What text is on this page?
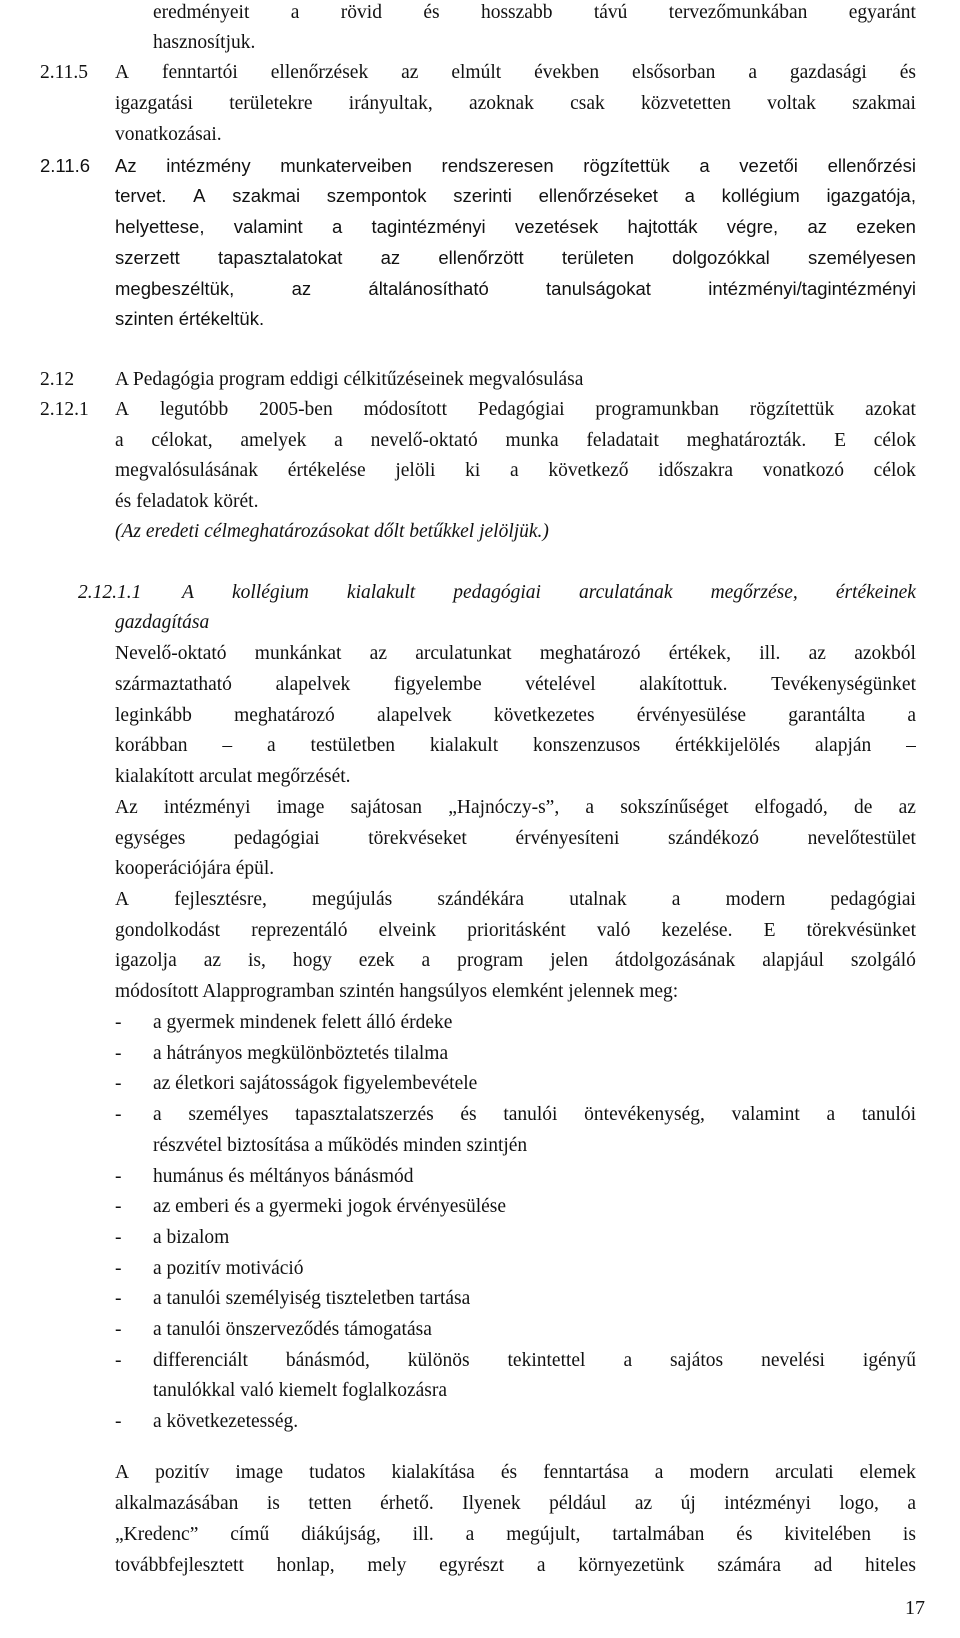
eredményeit a rövid és hosszabb távú tervezőmunkában egyaránt
hasznosítjuk.
2.11.5 A fenntartói ellenőrzések az elmúlt években elsősorban a gazdasági és
igazgatási területekre irányultak, azoknak csak közvetetten voltak szakmai
vonatkozásai.
2.11.6 Az intézmény munkaterveiben rendszeresen rögzítettük a vezetői ellenőrzési
tervet. A szakmai szempontok szerinti ellenőrzéseket a kollégium igazgatója,
helyettese, valamint a tagintézményi vezetések hajtották végre, az ezeken
szerzett tapasztalatokat az ellenőrzött területen dolgozókkal személyesen
megbeszéltük,	az	általánosítható	tanulságokat	intézményi/tagintézményi
szinten értékeltük.
2.12 A Pedagógia program eddigi célkitűzéseinek megvalósulása
2.12.1 A legutóbb 2005-ben módosított Pedagógiai programunkban rögzítettük azokat
a célokat, amelyek a nevelő-oktató munka feladatait meghatározták. E célok
megvalósulásának értékelése jelöli ki a következő időszakra vonatkozó célok
és feladatok körét.
(Az eredeti célmeghatározásokat dőlt betűkkel jelöljük.)
2.12.1.1 A kollégium kialakult pedagógiai arculatának megőrzése, értékeinek
gazdagítása
Nevelő-oktató munkánkat az arculatunkat meghatározó értékek, ill. az azokból
származtatható alapelvek figyelembe vételével alakítottuk. Tevékenységünket
leginkább meghatározó alapelvek következetes érvényesülése garantálta a
korábban – a testületben kialakult konszenzusos értékkijelölés alapján –
kialakított arculat megőrzését.
Az intézményi image sajátosan „Hajnóczy-s”, a sokszínűséget elfogadó, de az
egységes pedagógiai törekvéseket érvényesíteni szándékozó nevelőtestület
kooperációjára épül.
A fejlesztésre, megújulás szándékára utalnak a modern pedagógiai
gondolkodást reprezentáló elveink prioritásként való kezelése. E törekvésünket
igazolja az is, hogy ezek a program jelen átdolgozásának alapjául szolgáló
módosított Alapprogramban szintén hangsúlyos elemként jelennek meg:
- a gyermek mindenek felett álló érdeke
- a hátrányos megkülönböztetés tilalma
- az életkori sajátosságok figyelembevétele
- a személyes tapasztalatszerzés és tanulói öntevékenység, valamint a tanulói
részvétel biztosítása a működés minden szintjén
- humánus és méltányos bánásmód
- az emberi és a gyermeki jogok érvényesülése
- a bizalom
- a pozitív motiváció
- a tanulói személyiség tiszteletben tartása
- a tanulói önszerveződés támogatása
- differenciált bánásmód, különös tekintettel a sajátos nevelési igényű
tanulókkal való kiemelt foglalkozásra
- a következetesség.
A pozitív image tudatos kialakítása és fenntartása a modern arculati elemek
alkalmazásában is tetten érhető. Ilyenek például az új intézményi logo, a
„Kredenc” című diákújság, ill. a megújult, tartalmában és kivitelében is
továbbfejlesztett honlap, mely egyrészt a környezetünk számára ad hiteles
17
